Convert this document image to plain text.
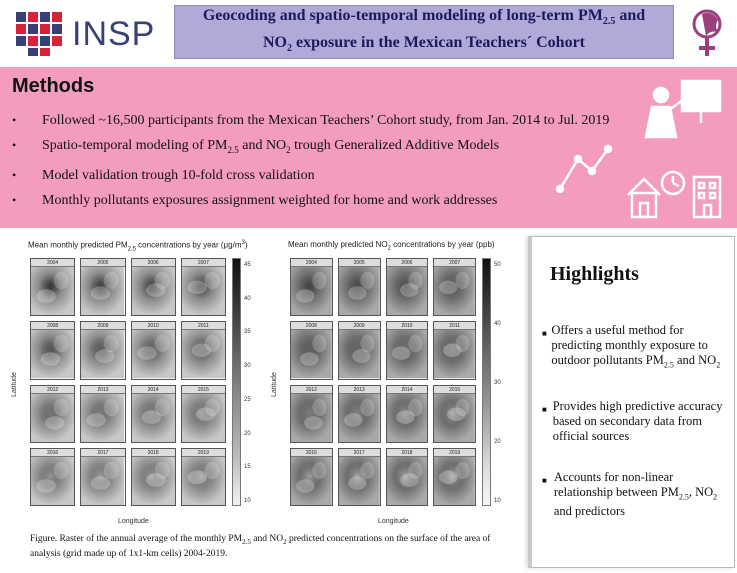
INSP	Geocoding and spatio-temporal modeling of long-term $PM_{2.5}$ and
$NO_2$ exposure in the Mexican Teachers´ Cohort
Methods
•	Followed ~16,500 participants from the Mexican Teachers’ Cohort study, from Jan. 2014 to Jul. 2019
•	Spatio-temporal modeling of $PM_{2.5}$ and $NO_2$ trough Generalized Additive Models
•	Model validation trough 10-fold cross validation
•	Monthly pollutants exposures assignment weighted for home and work addresses
Mean monthly predicted $PM_{2.5}$ concentrations by year $(\mu g/m^3)$
Latitude
Longitude
2004	2005	2006	2007
2008	2009	2010	2011
2012	2013	2014	2015
2016	2017	2018	2019
45
40
35
30
25
20
15
10
Mean monthly predicted $NO_2$ concentrations by year (ppb)
Latitude
Longitude
2004	2005	2006	2007
2008	2009	2010	2011
2012	2013	2014	2015
2016	2017	2018	2019
50
40
30
20
10
Figure. Raster of the annual average of the monthly $PM_{2.5}$ and $NO_2$ predicted concentrations on the surface of the area of analysis (grid made up of 1x1-km cells) 2004-2019.
Highlights
■ Offers a useful method for predicting monthly exposure to outdoor pollutants $PM_{2.5}$ and $NO_2$
■ Provides high predictive accuracy based on secondary data from official sources
■ Accounts for non-linear relationship between $PM_{2.5}$, $NO_2$ and predictors
